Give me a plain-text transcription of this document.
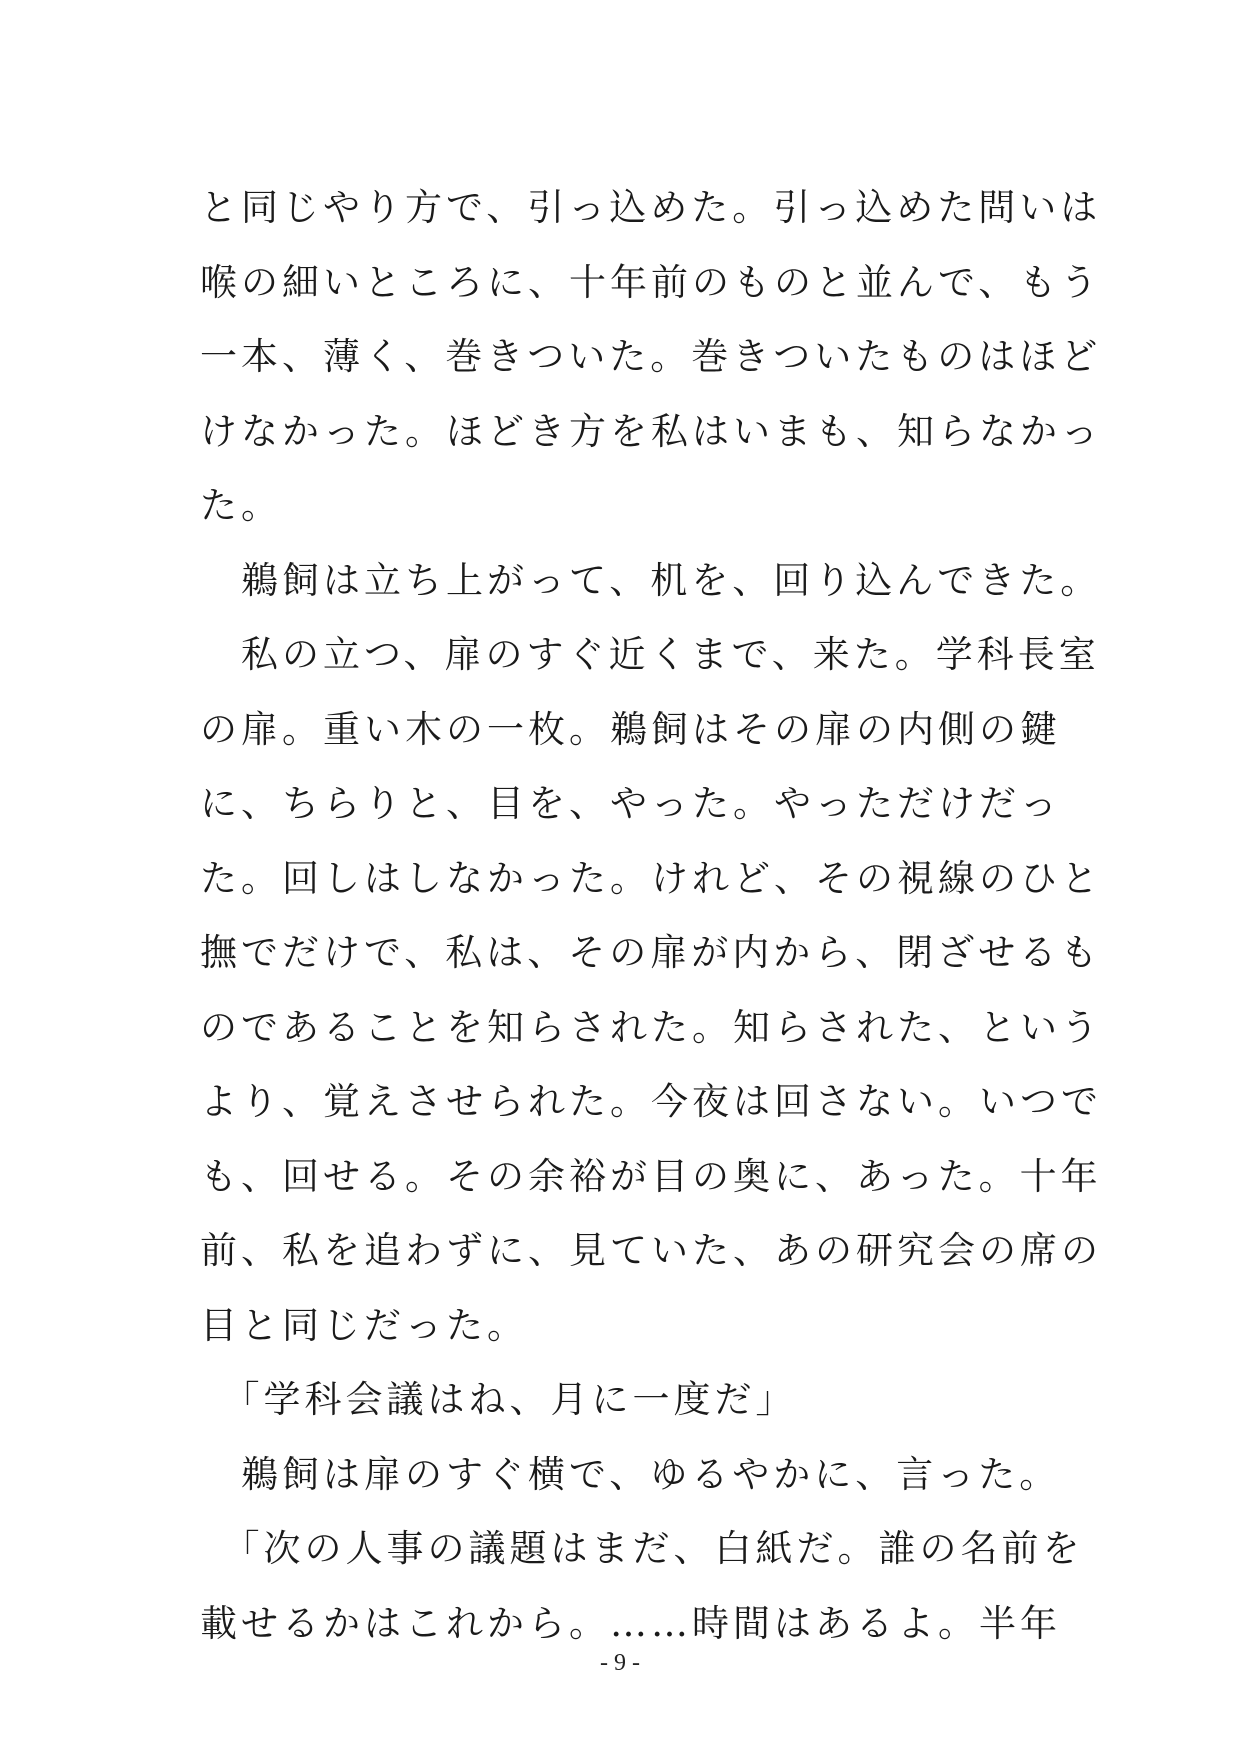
と同じやり方で、引っ込めた。引っ込めた問いは
喉の細いところに、十年前のものと並んで、もう
一本、薄く、巻きついた。巻きついたものはほど
けなかった。ほどき方を私はいまも、知らなかっ
た。

　鵜飼は立ち上がって、机を、回り込んできた。

　私の立つ、扉のすぐ近くまで、来た。学科長室
の扉。重い木の一枚。鵜飼はその扉の内側の鍵
に、ちらりと、目を、やった。やっただけだっ
た。回しはしなかった。けれど、その視線のひと
撫でだけで、私は、その扉が内から、閉ざせるも
のであることを知らされた。知らされた、という
より、覚えさせられた。今夜は回さない。いつで
も、回せる。その余裕が目の奥に、あった。十年
前、私を追わずに、見ていた、あの研究会の席の
目と同じだった。

　「学科会議はね、月に一度だ」

　鵜飼は扉のすぐ横で、ゆるやかに、言った。

　「次の人事の議題はまだ、白紙だ。誰の名前を
載せるかはこれから。……時間はあるよ。半年

- 9 -
